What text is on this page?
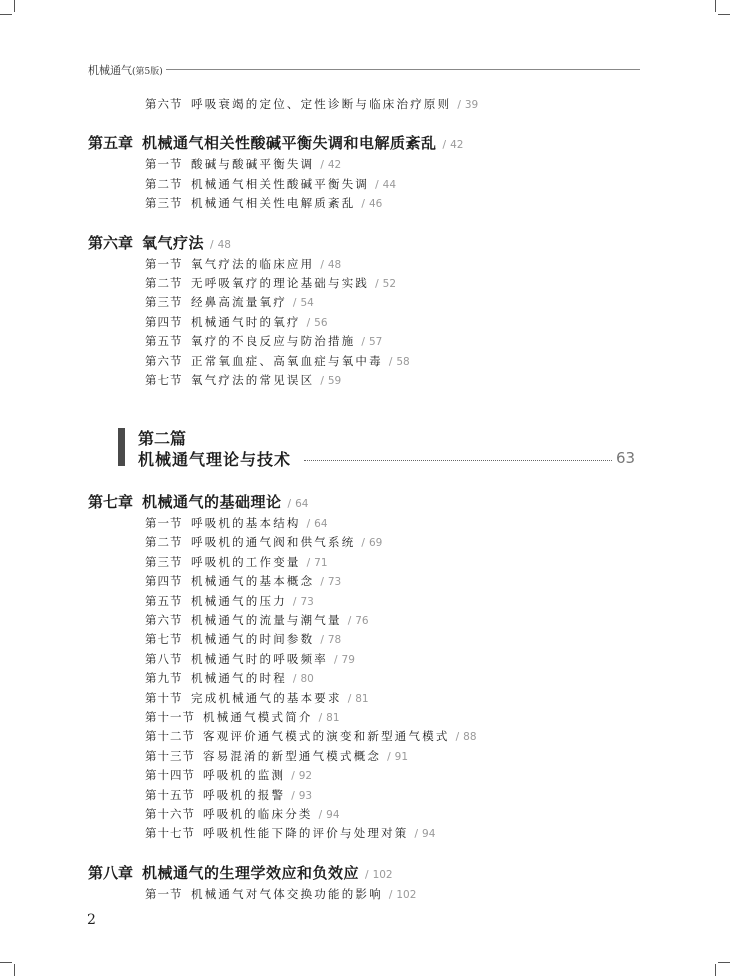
机械通气(第5版)
第六节 呼吸衰竭的定位、定性诊断与临床治疗原则 / 39
第五章 机械通气相关性酸碱平衡失调和电解质紊乱 / 42
第一节 酸碱与酸碱平衡失调 / 42
第二节 机械通气相关性酸碱平衡失调 / 44
第三节 机械通气相关性电解质紊乱 / 46
第六章 氧气疗法 / 48
第一节 氧气疗法的临床应用 / 48
第二节 无呼吸氧疗的理论基础与实践 / 52
第三节 经鼻高流量氧疗 / 54
第四节 机械通气时的氧疗 / 56
第五节 氧疗的不良反应与防治措施 / 57
第六节 正常氧血症、高氧血症与氧中毒 / 58
第七节 氧气疗法的常见误区 / 59
第二篇
机械通气理论与技术	63
第七章 机械通气的基础理论 / 64
第一节 呼吸机的基本结构 / 64
第二节 呼吸机的通气阀和供气系统 / 69
第三节 呼吸机的工作变量 / 71
第四节 机械通气的基本概念 / 73
第五节 机械通气的压力 / 73
第六节 机械通气的流量与潮气量 / 76
第七节 机械通气的时间参数 / 78
第八节 机械通气时的呼吸频率 / 79
第九节 机械通气的时程 / 80
第十节 完成机械通气的基本要求 / 81
第十一节 机械通气模式简介 / 81
第十二节 客观评价通气模式的演变和新型通气模式 / 88
第十三节 容易混淆的新型通气模式概念 / 91
第十四节 呼吸机的监测 / 92
第十五节 呼吸机的报警 / 93
第十六节 呼吸机的临床分类 / 94
第十七节 呼吸机性能下降的评价与处理对策 / 94
第八章 机械通气的生理学效应和负效应 / 102
第一节 机械通气对气体交换功能的影响 / 102
2
